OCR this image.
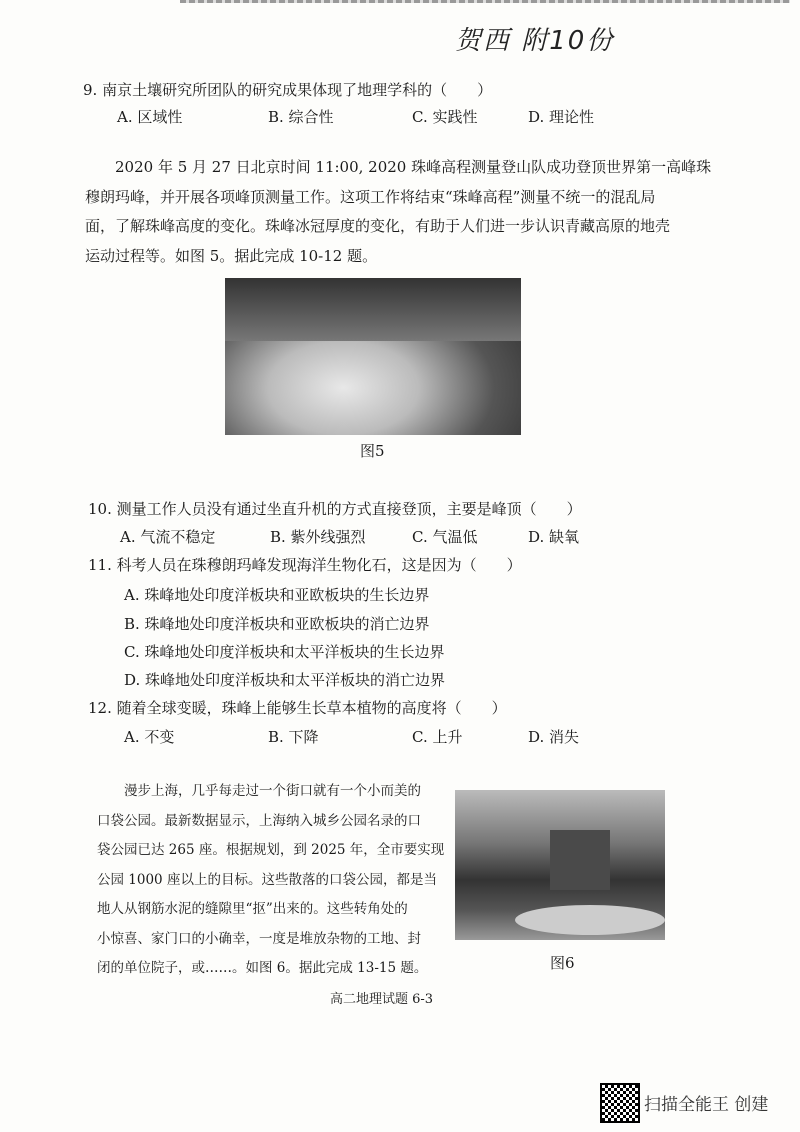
贺西 附10份
9. 南京土壤研究所团队的研究成果体现了地理学科的（　　）
A. 区域性	B. 综合性	C. 实践性	D. 理论性
2020 年 5 月 27 日北京时间 11:00, 2020 珠峰高程测量登山队成功登顶世界第一高峰珠
穆朗玛峰，并开展各项峰顶测量工作。这项工作将结束“珠峰高程”测量不统一的混乱局
面，了解珠峰高度的变化。珠峰冰冠厚度的变化，有助于人们进一步认识青藏高原的地壳
运动过程等。如图 5。据此完成 10-12 题。
图5
10. 测量工作人员没有通过坐直升机的方式直接登顶，主要是峰顶（　　）
A. 气流不稳定	B. 紫外线强烈	C. 气温低	D. 缺氧
11. 科考人员在珠穆朗玛峰发现海洋生物化石，这是因为（　　）
A. 珠峰地处印度洋板块和亚欧板块的生长边界
B. 珠峰地处印度洋板块和亚欧板块的消亡边界
C. 珠峰地处印度洋板块和太平洋板块的生长边界
D. 珠峰地处印度洋板块和太平洋板块的消亡边界
12. 随着全球变暖，珠峰上能够生长草本植物的高度将（　　）
A. 不变	B. 下降	C. 上升	D. 消失
　　漫步上海，几乎每走过一个街口就有一个小而美的
口袋公园。最新数据显示，上海纳入城乡公园名录的口
袋公园已达 265 座。根据规划，到 2025 年，全市要实现
公园 1000 座以上的目标。这些散落的口袋公园，都是当
地人从钢筋水泥的缝隙里“抠”出来的。这些转角处的
小惊喜、家门口的小确幸，一度是堆放杂物的工地、封
闭的单位院子，或……。如图 6。据此完成 13-15 题。	图6
高二地理试题 6-3
扫描全能王 创建
